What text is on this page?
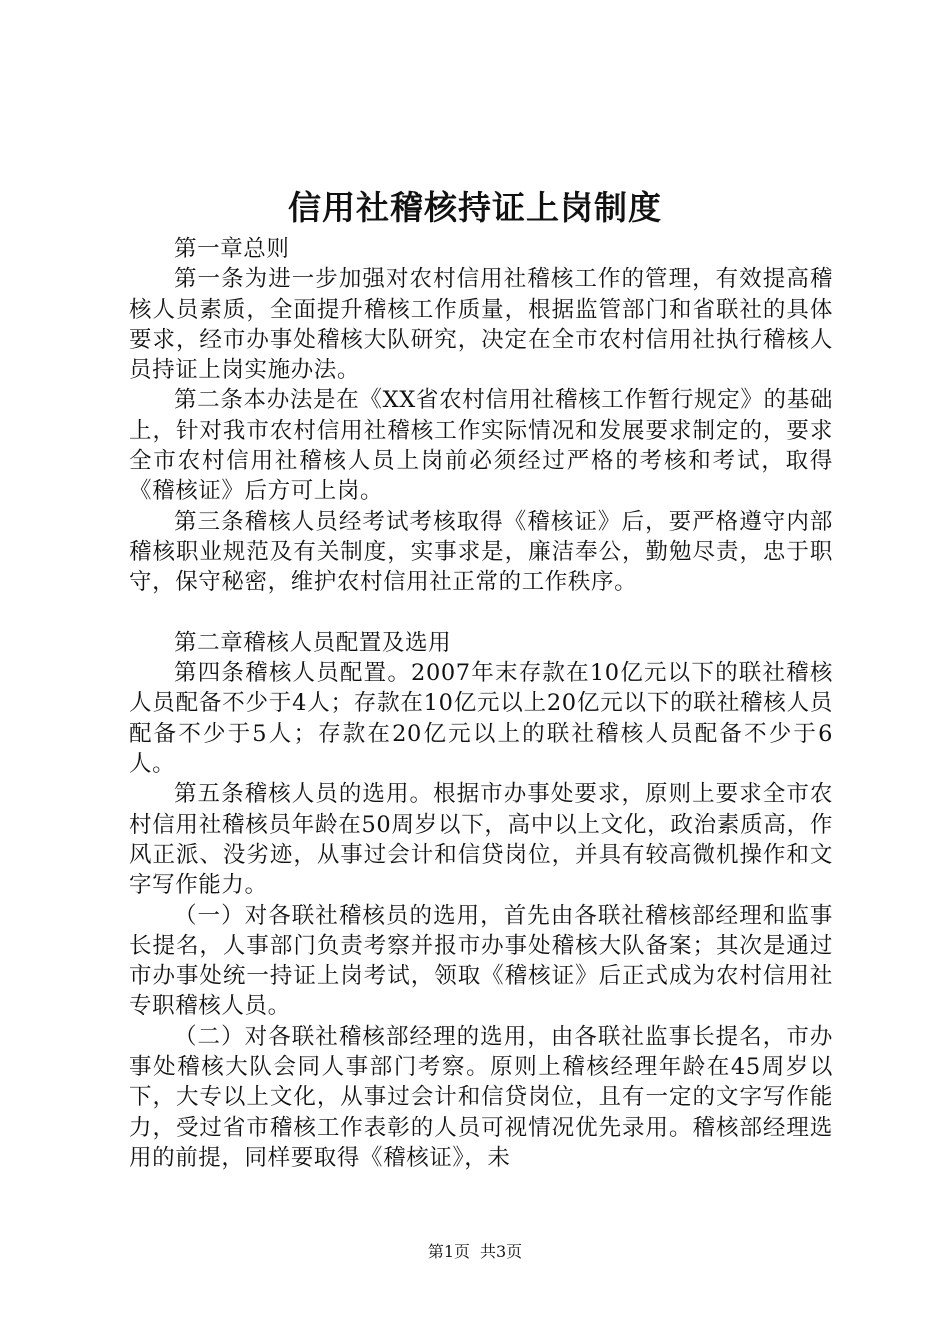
信用社稽核持证上岗制度

第一章总则

第一条为进一步加强对农村信用社稽核工作的管理，有效提高稽核人员素质，全面提升稽核工作质量，根据监管部门和省联社的具体要求，经市办事处稽核大队研究，决定在全市农村信用社执行稽核人员持证上岗实施办法。

第二条本办法是在《XX省农村信用社稽核工作暂行规定》的基础上，针对我市农村信用社稽核工作实际情况和发展要求制定的，要求全市农村信用社稽核人员上岗前必须经过严格的考核和考试，取得《稽核证》后方可上岗。

第三条稽核人员经考试考核取得《稽核证》后，要严格遵守内部稽核职业规范及有关制度，实事求是，廉洁奉公，勤勉尽责，忠于职守，保守秘密，维护农村信用社正常的工作秩序。

第二章稽核人员配置及选用

第四条稽核人员配置。2007年末存款在10亿元以下的联社稽核人员配备不少于4人；存款在10亿元以上20亿元以下的联社稽核人员配备不少于5人；存款在20亿元以上的联社稽核人员配备不少于6人。

第五条稽核人员的选用。根据市办事处要求，原则上要求全市农村信用社稽核员年龄在50周岁以下，高中以上文化，政治素质高，作风正派、没劣迹，从事过会计和信贷岗位，并具有较高微机操作和文字写作能力。

（一）对各联社稽核员的选用，首先由各联社稽核部经理和监事长提名，人事部门负责考察并报市办事处稽核大队备案；其次是通过市办事处统一持证上岗考试，领取《稽核证》后正式成为农村信用社专职稽核人员。

（二）对各联社稽核部经理的选用，由各联社监事长提名，市办事处稽核大队会同人事部门考察。原则上稽核经理年龄在45周岁以下，大专以上文化，从事过会计和信贷岗位，且有一定的文字写作能力，受过省市稽核工作表彰的人员可视情况优先录用。稽核部经理选用的前提，同样要取得《稽核证》，未

第1页 共3页
